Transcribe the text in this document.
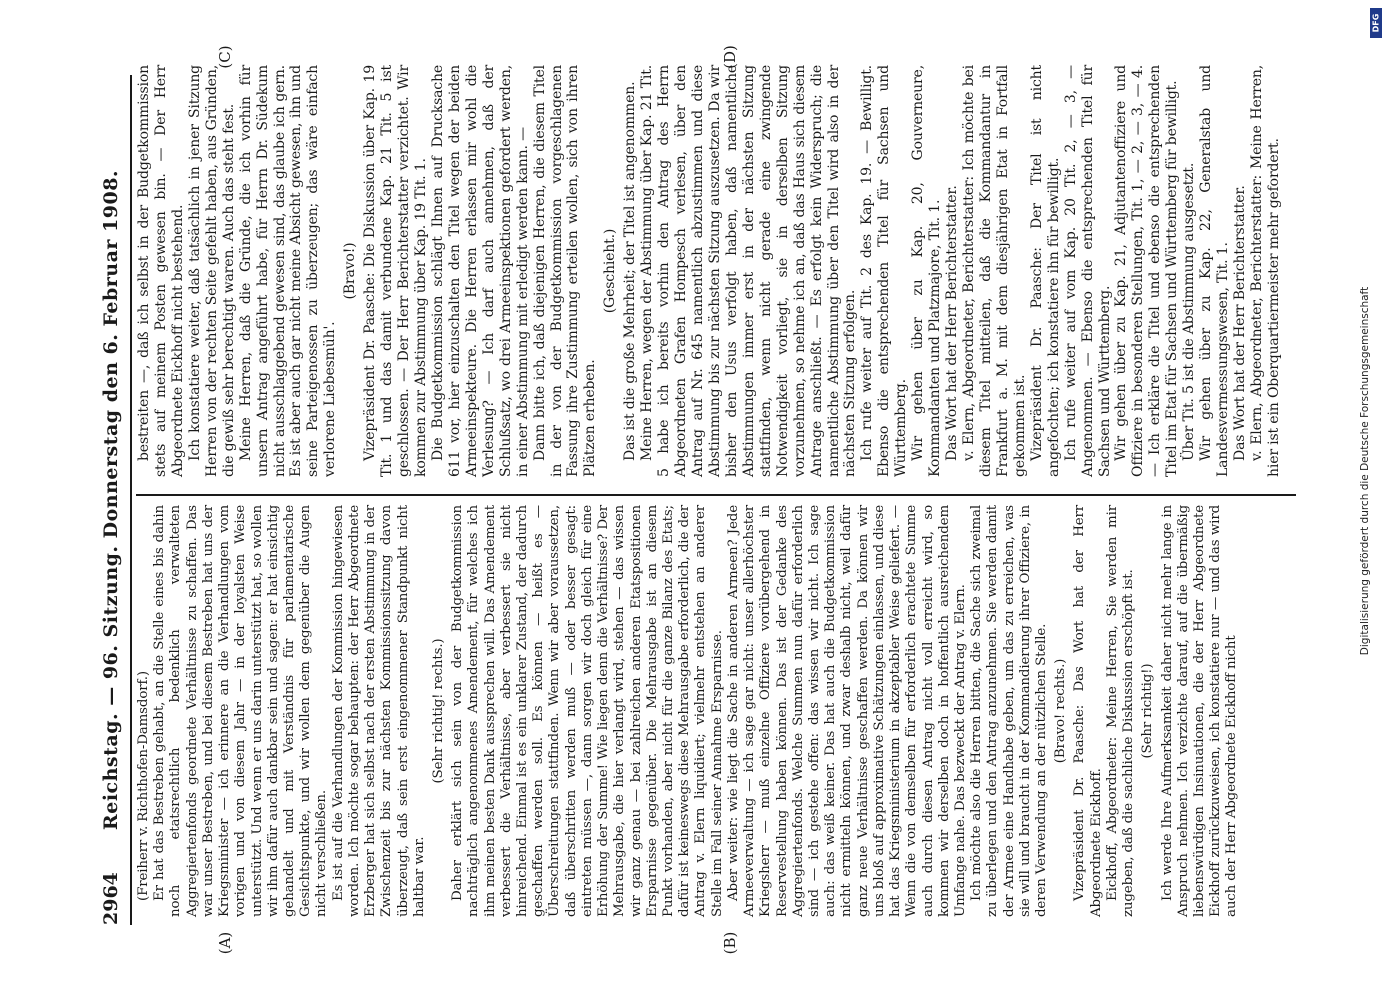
Reichstag. — 96. Sitzung. Donnerstag den 6. Februar 1908.
2964
(A)	(B)
(C)	(D)

(Freiherr v. Richthofen-Damsdorf.) Er hat das Bestreben gehabt, an die Stelle eines bis dahin noch etatsrechtlich bedenklich verwalteten Aggregiertenfonds geordnete Verhältnisse zu schaffen. Das war unser Bestreben, und bei diesem Bestreben hat uns der Kriegsminister — ich erinnere an die Verhandlungen vom vorigen und von diesem Jahr — in der loyalsten Weise unterstützt. Und wenn er uns darin unterstützt hat, so wollen wir ihm dafür auch dankbar sein und sagen: er hat einsichtig gehandelt und mit Verständnis für parlamentarische Gesichtspunkte, und wir wollen dem gegenüber die Augen nicht verschließen. Es ist auf die Verhandlungen der Kommission hingewiesen worden. Ich möchte sogar behaupten: der Herr Abgeordnete Erzberger hat sich selbst nach der ersten Abstimmung in der Zwischenzeit bis zur nächsten Kommissionssitzung davon überzeugt, daß sein erst eingenommener Standpunkt nicht haltbar war.

(Sehr richtig! rechts.) Daher erklärt sich sein von der Budgetkommission nachträglich angenommenes Amendement, für welches ich ihm meinen besten Dank aussprechen will. Das Amendement verbessert die Verhältnisse, aber verbessert sie nicht hinreichend. Einmal ist es ein unklarer Zustand, der dadurch geschaffen werden soll. Es können — heißt es — Überschreitungen stattfinden. Wenn wir aber voraussetzen, daß überschritten werden muß — oder besser gesagt: eintreten müssen —, dann sorgen wir doch gleich für eine Erhöhung der Summe! Wie liegen denn die Verhältnisse? Der Mehrausgabe, die hier verlangt wird, stehen — das wissen wir ganz genau — bei zahlreichen anderen Etatspositionen Ersparnisse gegenüber. Die Mehrausgabe ist an diesem Punkt vorhanden, aber nicht für die ganze Bilanz des Etats; dafür ist keineswegs diese Mehrausgabe erforderlich, die der Antrag v. Elern liquidiert; vielmehr entstehen an anderer Stelle im Fall seiner Annahme Ersparnisse. Aber weiter: wie liegt die Sache in anderen Armeen? Jede Armeeverwaltung — ich sage gar nicht: unser allerhöchster Kriegsherr — muß einzelne Offiziere vorübergehend in Reservestellung haben können. Das ist der Gedanke des Aggregiertenfonds. Welche Summen nun dafür erforderlich sind — ich gestehe offen: das wissen wir nicht. Ich sage auch: das weiß keiner. Das hat auch die Budgetkommission nicht ermitteln können, und zwar deshalb nicht, weil dafür ganz neue Verhältnisse geschaffen werden. Da können wir uns bloß auf approximative Schätzungen einlassen, und diese hat das Kriegsministerium in akzeptabler Weise geliefert. — Wenn die von demselben für erforderlich erachtete Summe auch durch diesen Antrag nicht voll erreicht wird, so kommen wir derselben doch in hoffentlich ausreichendem Umfange nahe. Das bezweckt der Antrag v. Elern. Ich möchte also die Herren bitten, die Sache sich zweimal zu überlegen und den Antrag anzunehmen. Sie werden damit der Armee eine Handhabe geben, um das zu erreichen, was sie will und braucht in der Kommandierung ihrer Offiziere, in deren Verwendung an der nützlichen Stelle. (Bravo! rechts.) Vizepräsident Dr. Paasche: Das Wort hat der Herr Abgeordnete Eickhoff. Eickhoff, Abgeordneter: Meine Herren, Sie werden mir zugeben, daß die sachliche Diskussion erschöpft ist. (Sehr richtig!) Ich werde Ihre Aufmerksamkeit daher nicht mehr lange in Anspruch nehmen. Ich verzichte darauf, auf die übermäßig liebenswürdigen Insinuationen, die der Herr Abgeordnete Eickhoff zurückzuweisen, ich konstatiere nur — und das wird auch der Herr Abgeordnete Eickhoff nicht

bestreiten —, daß ich selbst in der Budgetkommission stets auf meinem Posten gewesen bin. — Der Herr Abgeordnete Eickhoff nicht bestehend. Ich konstatiere weiter, daß tatsächlich in jener Sitzung Herren von der rechten Seite gefehlt haben, aus Gründen, die gewiß sehr berechtigt waren. Auch das steht fest. Meine Herren, daß die Gründe, die ich vorhin für unsern Antrag angeführt habe, für Herrn Dr. Südekum nicht ausschlaggebend gewesen sind, das glaube ich gern. Es ist aber auch gar nicht meine Absicht gewesen, ihn und seine Parteigenossen zu überzeugen; das wäre einfach verlorene Liebesmüh'.

(Bravo!) Vizepräsident Dr. Paasche: Die Diskussion über Kap. 19 Tit. 1 und das damit verbundene Kap. 21 Tit. 5 ist geschlossen. — Der Herr Berichterstatter verzichtet. Wir kommen zur Abstimmung über Kap. 19 Tit. 1. Die Budgetkommission schlägt Ihnen auf Drucksache 611 vor, hier einzuschalten den Titel wegen der beiden Armeeinspekteure. Die Herren erlassen mir wohl die Verlesung? — Ich darf auch annehmen, daß der Schlußsatz, wo drei Armeeinspektionen gefordert werden, in einer Abstimmung mit erledigt werden kann. — Dann bitte ich, daß diejenigen Herren, die diesem Titel in der von der Budgetkommission vorgeschlagenen Fassung ihre Zustimmung erteilen wollen, sich von ihren Plätzen erheben.

(Geschieht.) Das ist die große Mehrheit; der Titel ist angenommen. Meine Herren, wegen der Abstimmung über Kap. 21 Tit. 5 habe ich bereits vorhin den Antrag des Herrn Abgeordneten Grafen Hompesch verlesen, über den Antrag auf Nr. 645 namentlich abzustimmen und diese Abstimmung bis zur nächsten Sitzung auszusetzen. Da wir bisher den Usus verfolgt haben, daß namentliche Abstimmungen immer erst in der nächsten Sitzung stattfinden, wenn nicht gerade eine zwingende Notwendigkeit vorliegt, sie in derselben Sitzung vorzunehmen, so nehme ich an, daß das Haus sich diesem Antrage anschließt. — Es erfolgt kein Widerspruch; die namentliche Abstimmung über den Titel wird also in der nächsten Sitzung erfolgen. Ich rufe weiter auf Tit. 2 des Kap. 19. — Bewilligt. Ebenso die entsprechenden Titel für Sachsen und Württemberg. Wir gehen über zu Kap. 20, Gouverneure, Kommandanten und Platzmajore, Tit. 1. Das Wort hat der Herr Berichterstatter. v. Elern, Abgeordneter, Berichterstatter: Ich möchte bei diesem Titel mitteilen, daß die Kommandantur in Frankfurt a. M. mit dem diesjährigen Etat in Fortfall gekommen ist. Vizepräsident Dr. Paasche: Der Titel ist nicht angefochten; ich konstatiere ihn für bewilligt. Ich rufe weiter auf vom Kap. 20 Tit. 2, — 3, — Angenommen. — Ebenso die entsprechenden Titel für Sachsen und Württemberg. Wir gehen über zu Kap. 21, Adjutantenoffiziere und Offiziere in besonderen Stellungen, Tit. 1, — 2, — 3, — 4. — Ich erkläre die Titel und ebenso die entsprechenden Titel im Etat für Sachsen und Württemberg für bewilligt. Über Tit. 5 ist die Abstimmung ausgesetzt. Wir gehen über zu Kap. 22, Generalstab und Landesvermessungswesen, Tit. 1. Das Wort hat der Herr Berichterstatter. v. Elern, Abgeordneter, Berichterstatter: Meine Herren, hier ist ein Oberquartiermeister mehr gefordert.	Digitalisierung gefördert durch die Deutsche Forschungsgemeinschaft
DFG
